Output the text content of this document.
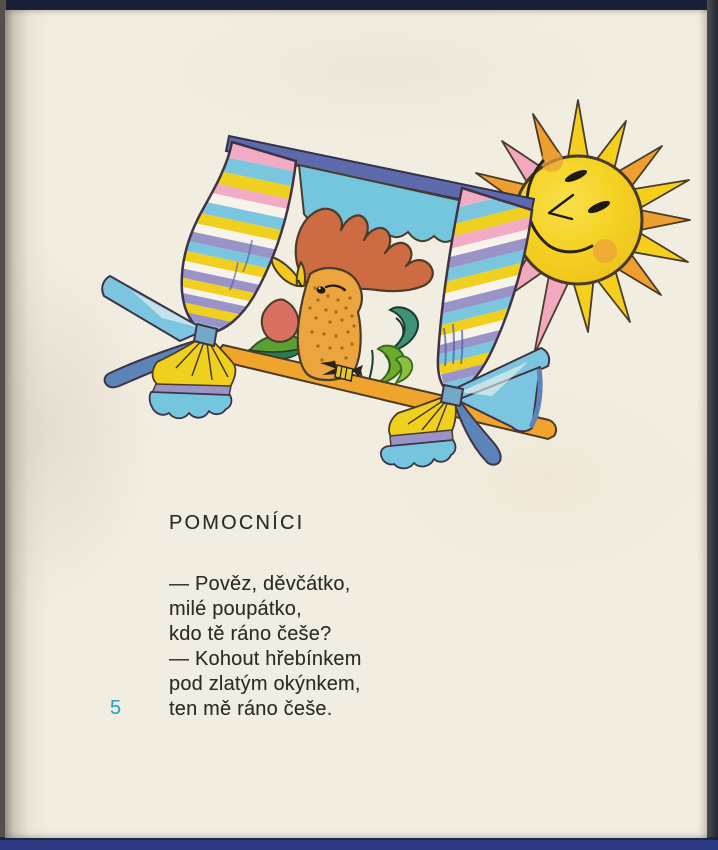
POMOCNÍCI

— Pověz, děvčátko,

milé poupátko,

kdo tě ráno češe?

— Kohout hřebínkem

pod zlatým okýnkem,

ten mě ráno češe.

5
